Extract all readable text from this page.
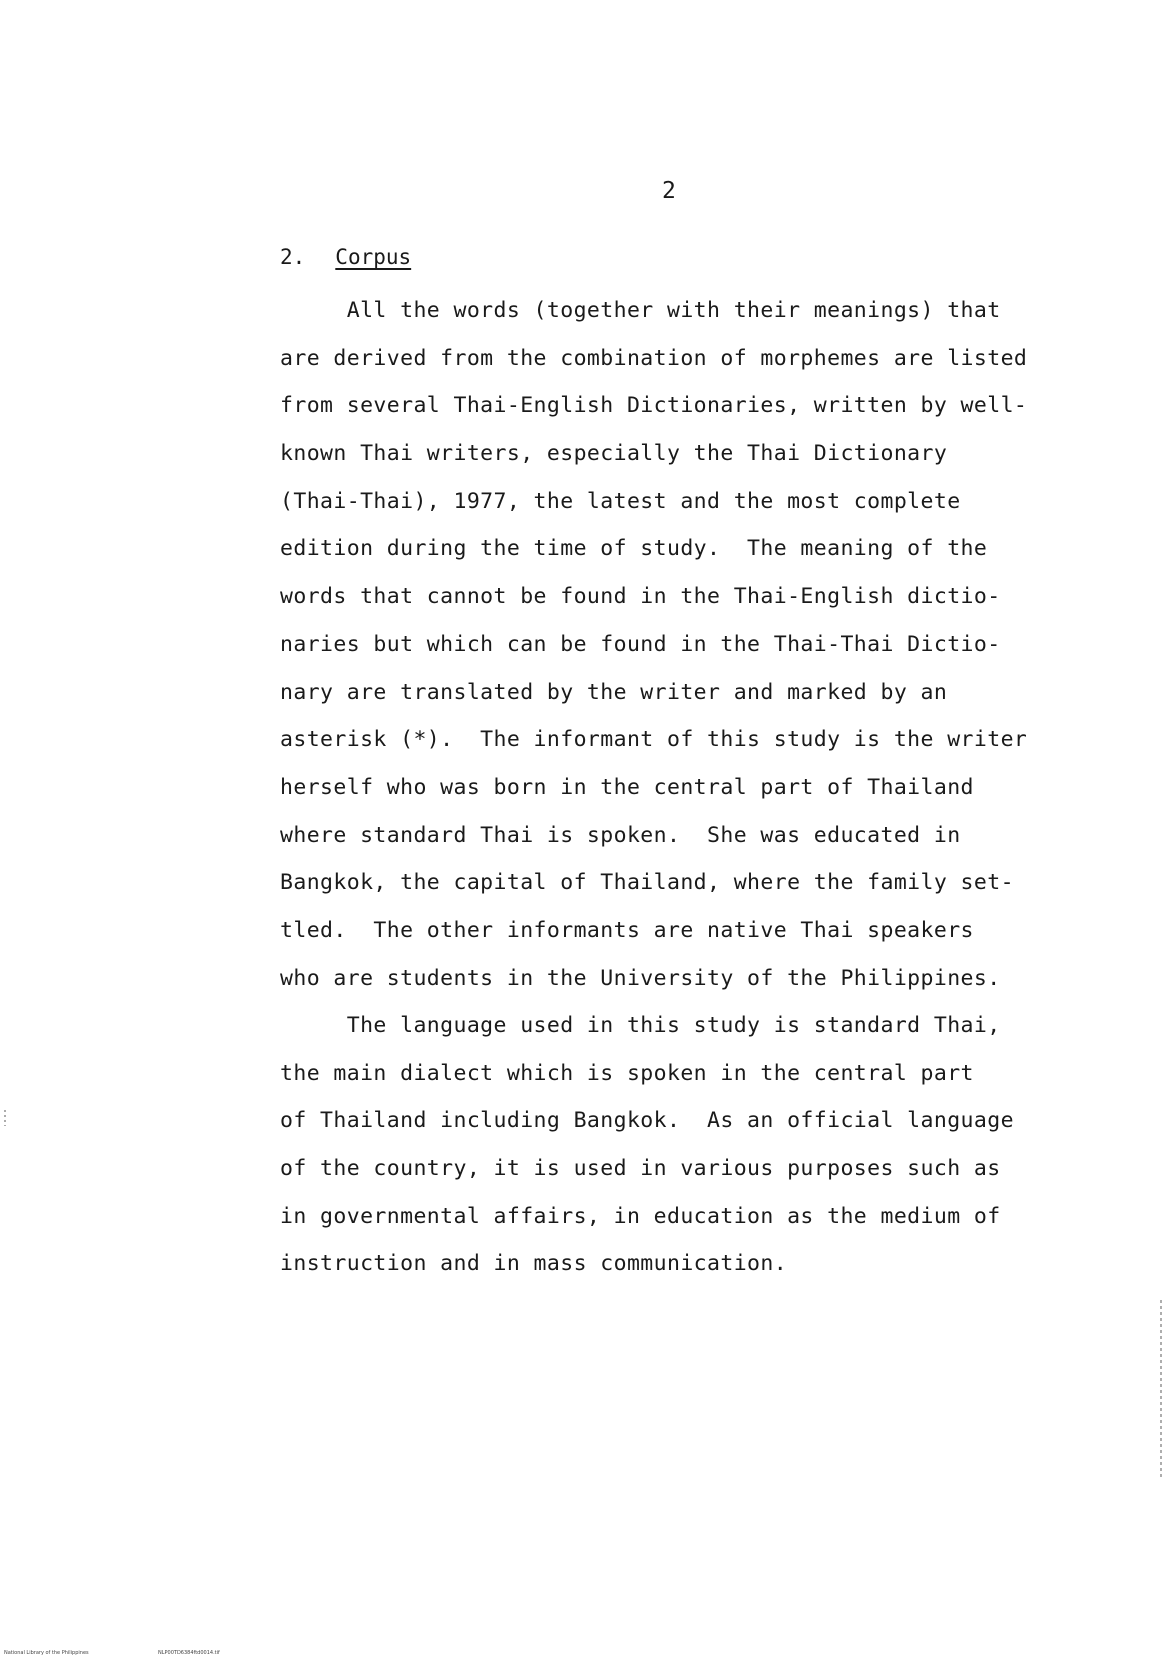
2
2. Corpus
All the words (together with their meanings) that
are derived from the combination of morphemes are listed
from several Thai-English Dictionaries, written by well-
known Thai writers, especially the Thai Dictionary
(Thai-Thai), 1977, the latest and the most complete
edition during the time of study.  The meaning of the
words that cannot be found in the Thai-English dictio-
naries but which can be found in the Thai-Thai Dictio-
nary are translated by the writer and marked by an
asterisk (*).  The informant of this study is the writer
herself who was born in the central part of Thailand
where standard Thai is spoken.  She was educated in
Bangkok, the capital of Thailand, where the family set-
tled.  The other informants are native Thai speakers
who are students in the University of the Philippines.
The language used in this study is standard Thai,
the main dialect which is spoken in the central part
of Thailand including Bangkok.  As an official language
of the country, it is used in various purposes such as
in governmental affairs, in education as the medium of
instruction and in mass communication.
National Library of the Philippines	NLP00TD6384ftd0014.tif
